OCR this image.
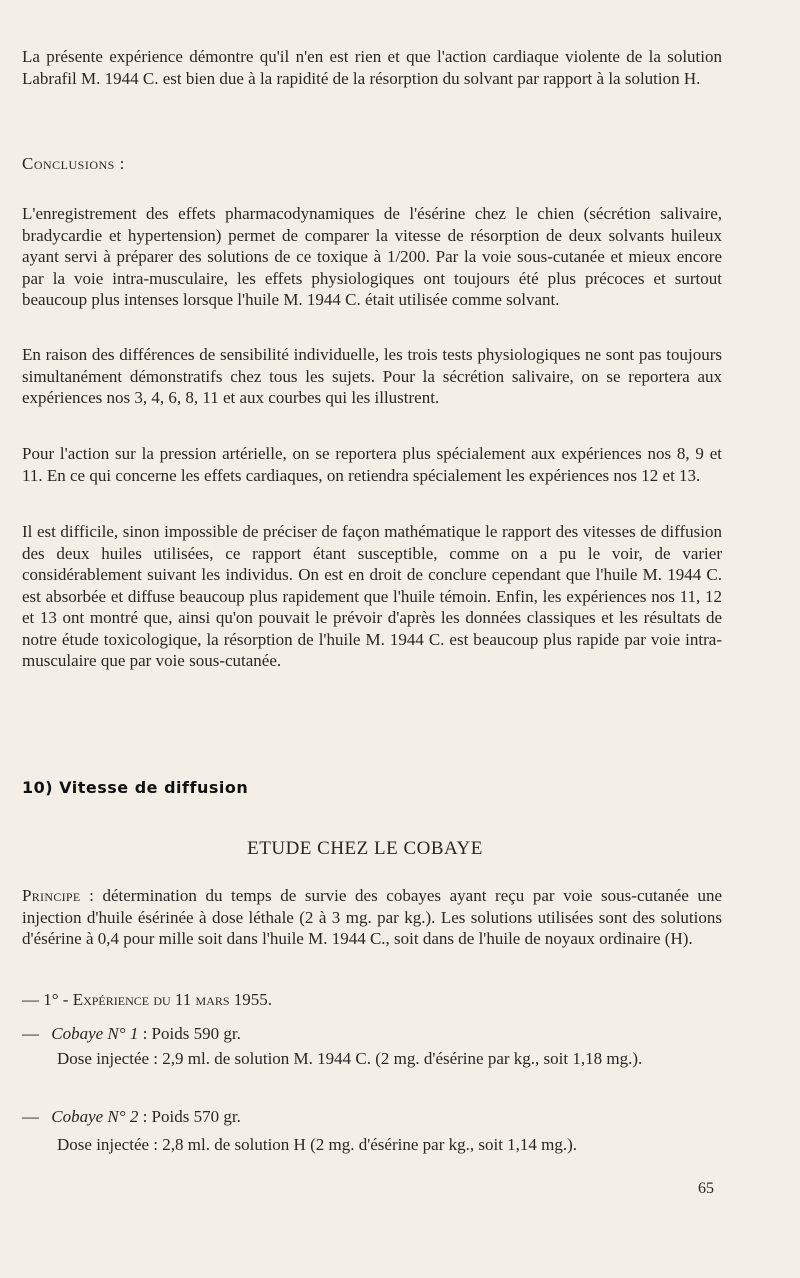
La présente expérience démontre qu'il n'en est rien et que l'action cardiaque violente de la solution Labrafil M. 1944 C. est bien due à la rapidité de la résorption du solvant par rapport à la solution H.

Conclusions :

L'enregistrement des effets pharmacodynamiques de l'ésérine chez le chien (sécrétion salivaire, bradycardie et hypertension) permet de comparer la vitesse de résorption de deux solvants huileux ayant servi à préparer des solutions de ce toxique à 1/200. Par la voie sous-cutanée et mieux encore par la voie intra-musculaire, les effets physiologiques ont toujours été plus précoces et surtout beaucoup plus intenses lorsque l'huile M. 1944 C. était utilisée comme solvant.

En raison des différences de sensibilité individuelle, les trois tests physiologiques ne sont pas toujours simultanément démonstratifs chez tous les sujets. Pour la sécrétion salivaire, on se reportera aux expériences nos 3, 4, 6, 8, 11 et aux courbes qui les illustrent.

Pour l'action sur la pression artérielle, on se reportera plus spécialement aux expériences nos 8, 9 et 11. En ce qui concerne les effets cardiaques, on retiendra spécialement les expériences nos 12 et 13.

Il est difficile, sinon impossible de préciser de façon mathématique le rapport des vitesses de diffusion des deux huiles utilisées, ce rapport étant susceptible, comme on a pu le voir, de varier considérablement suivant les individus. On est en droit de conclure cependant que l'huile M. 1944 C. est absorbée et diffuse beaucoup plus rapidement que l'huile témoin. Enfin, les expériences nos 11, 12 et 13 ont montré que, ainsi qu'on pouvait le prévoir d'après les données classiques et les résultats de notre étude toxicologique, la résorption de l'huile M. 1944 C. est beaucoup plus rapide par voie intra-musculaire que par voie sous-cutanée.

10) Vitesse de diffusion
ETUDE CHEZ LE COBAYE

Principe : détermination du temps de survie des cobayes ayant reçu par voie sous-cutanée une injection d'huile ésérinée à dose léthale (2 à 3 mg. par kg.). Les solutions utilisées sont des solutions d'ésérine à 0,4 pour mille soit dans l'huile M. 1944 C., soit dans de l'huile de noyaux ordinaire (H).

— 1° - Expérience du 11 mars 1955.
— Cobaye N° 1 : Poids 590 gr.
Dose injectée : 2,9 ml. de solution M. 1944 C. (2 mg. d'ésérine par kg., soit 1,18 mg.).
— Cobaye N° 2 : Poids 570 gr.
Dose injectée : 2,8 ml. de solution H (2 mg. d'ésérine par kg., soit 1,14 mg.).
65
